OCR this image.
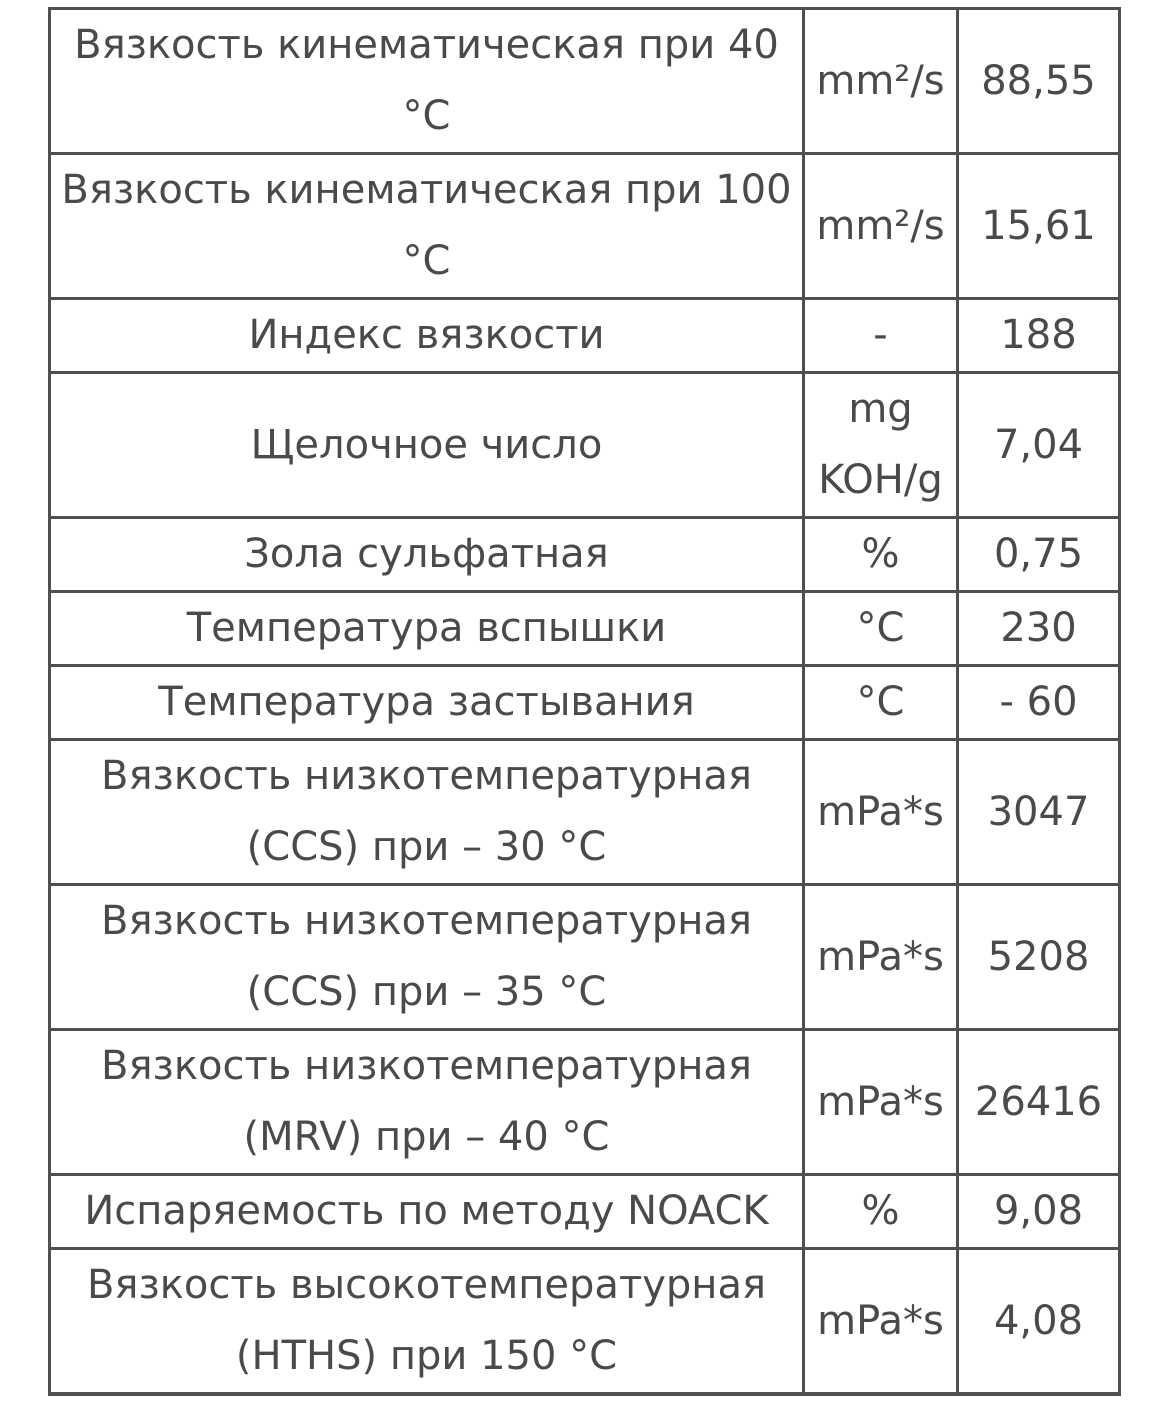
Вязкость кинематическая при 40 °С	mm²/s	88,55
Вязкость кинематическая при 100 °С	mm²/s	15,61
Индекс вязкости	-	188
Щелочное число	mg KOH/g	7,04
Зола сульфатная	%	0,75
Температура вспышки	°С	230
Температура застывания	°С	- 60
Вязкость низкотемпературная (CCS) при – 30 °С	mPa*s	3047
Вязкость низкотемпературная (CCS) при – 35 °С	mPa*s	5208
Вязкость низкотемпературная (MRV) при – 40 °С	mPa*s	26416
Испаряемость по методу NOACK	%	9,08
Вязкость высокотемпературная (HTHS) при 150 °С	mPa*s	4,08
